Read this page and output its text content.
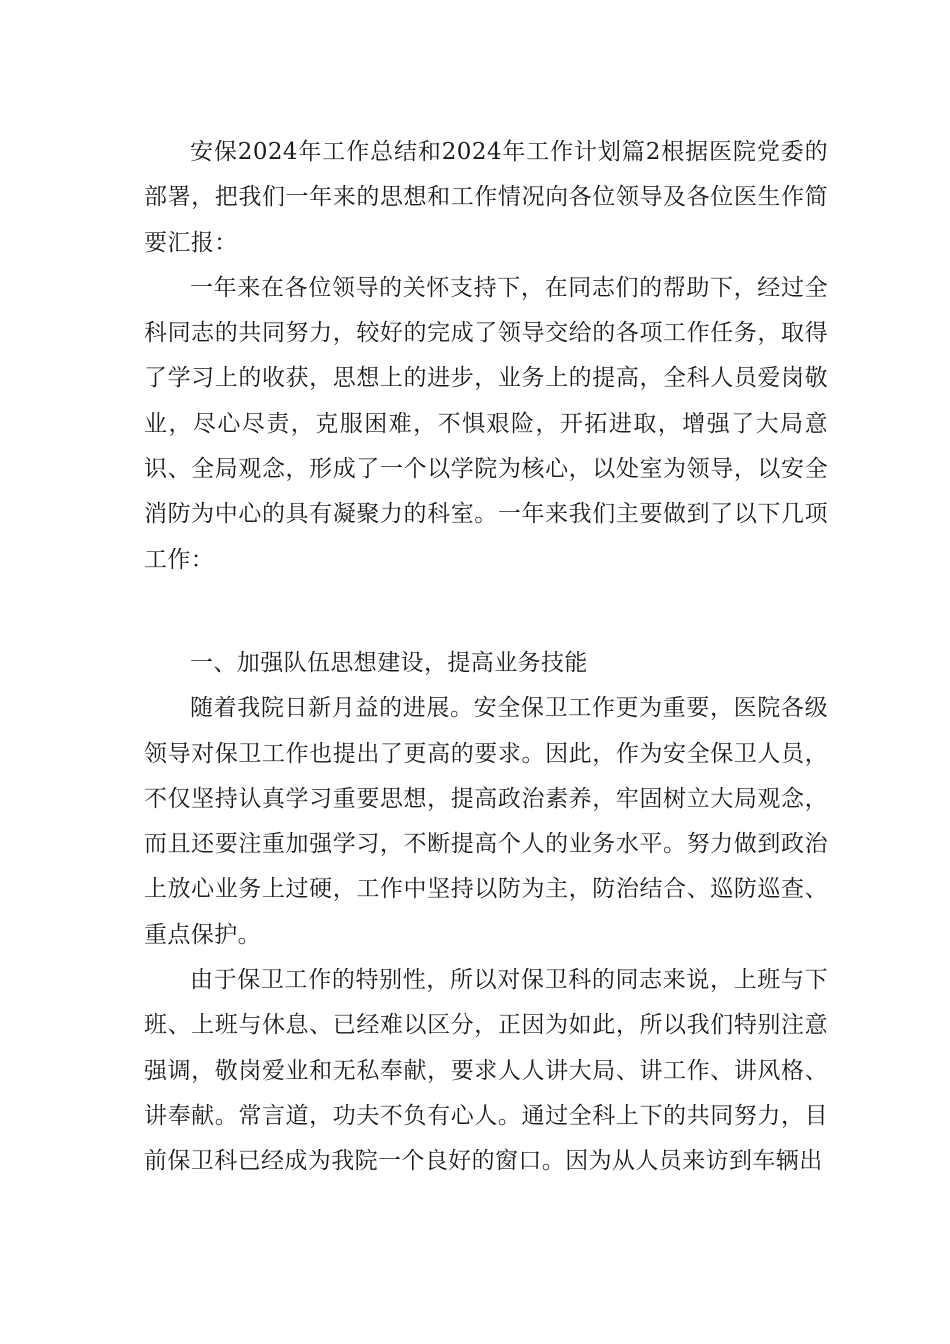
安保2024年工作总结和2024年工作计划篇2根据医院党委的部署，把我们一年来的思想和工作情况向各位领导及各位医生作简要汇报：

一年来在各位领导的关怀支持下，在同志们的帮助下，经过全科同志的共同努力，较好的完成了领导交给的各项工作任务，取得了学习上的收获，思想上的进步，业务上的提高，全科人员爱岗敬业，尽心尽责，克服困难，不惧艰险，开拓进取，增强了大局意识、全局观念，形成了一个以学院为核心，以处室为领导，以安全消防为中心的具有凝聚力的科室。一年来我们主要做到了以下几项工作：

一、加强队伍思想建设，提高业务技能

随着我院日新月益的进展。安全保卫工作更为重要，医院各级领导对保卫工作也提出了更高的要求。因此，作为安全保卫人员，不仅坚持认真学习重要思想，提高政治素养，牢固树立大局观念，而且还要注重加强学习，不断提高个人的业务水平。努力做到政治上放心业务上过硬，工作中坚持以防为主，防治结合、巡防巡查、重点保护。

由于保卫工作的特别性，所以对保卫科的同志来说，上班与下班、上班与休息、已经难以区分，正因为如此，所以我们特别注意强调，敬岗爱业和无私奉献，要求人人讲大局、讲工作、讲风格、讲奉献。常言道，功夫不负有心人。通过全科上下的共同努力，目前保卫科已经成为我院一个良好的窗口。因为从人员来访到车辆出
